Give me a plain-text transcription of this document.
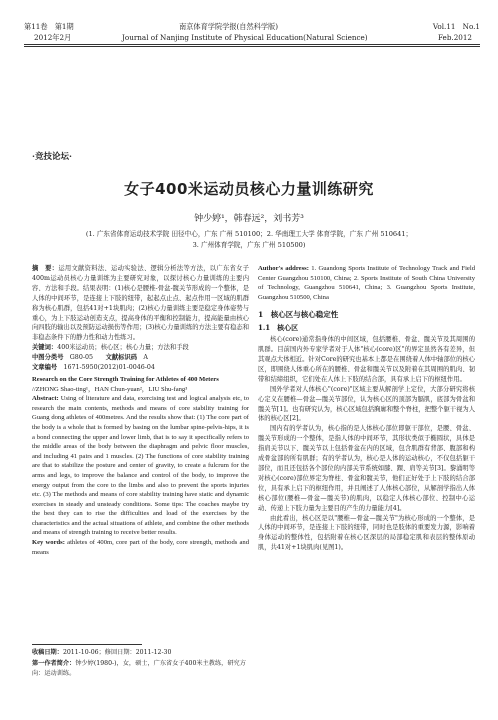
第11卷　第1期	南京体育学院学报(自然科学版)	Vol.11　No.1
2012年2月	Journal of Nanjing Institute of Physical Education(Natural Science)	Feb.2012
·竞技论坛·
女子400米运动员核心力量训练研究
钟少婷¹，韩春远²，刘书芳³
(1. 广东省体育运动技术学院 田径中心，广东 广州 510100；2. 华南理工大学 体育学院，广东 广州 510641；
3. 广州体育学院，广东 广州 510500)

摘　要：运用文献资料法、运动实验法、逻辑分析法等方法，以广东省女子400m运动员核心力量训练为主要研究对象，以探讨核心力量训练的主要内容、方法和手段。结果表明：(1)核心是腰椎-骨盆-髋关节形成的一个整体，是人体的中间环节，是连接上下肢的纽带，起起点止点、起点作用一区域的肌群称为核心肌群，包括41对+1块肌肉；(2)核心力量训练主要是稳定身体姿势与重心，为上下肢运动创造支点，提高身体的平衡和控制能力，提高能量由核心向四肢的输出以及预防运动损伤等作用；(3)核心力量训练的方法主要有稳态和非稳态条件下的静力性和动力性练习。

关键词：400米运动员；核心区；核心力量；方法和手段

中图分类号　 G80-05　　 文献标识码　 A

文章编号　 1671-5950(2012)01-0046-04

Research on the Core Strength Training for Athletes of 400 Meters

//ZHONG Shao-ting¹，HAN Chun-yuan²，LIU Shu-fang³

Abstract: Using of literature and data, exercising test and logical analysis etc, to research the main contents, methods and means of core stability training for Guang dong athletes of 400metres. And the results show that: (1) The core part of the body is a whole that is formed by basing on the lumbar spine-pelvis-hips, it is a bond connecting the upper and lower limb, that is to say it specifically refers to the middle areas of the body between the diaphragm and pelvic floor muscles, and including 41 pairs and 1 muscles. (2) The functions of core stability training are that to stabilize the posture and center of gravity, to create a fulcrum for the arms and legs, to improve the balance and control of the body, to improve the energy output from the core to the limbs and also to prevent the sports injuries etc. (3) The methods and means of core stability training have static and dynamic exercises in steady and unsteady conditions. Some tips: The coaches maybe try the best they can to rise the difficulties and load of the exercises by the characteristics and the actual situations of athlete, and combine the other methods and means of strength training to receive better results.

Key words: athletes of 400m, core part of the body, core strength, methods and means

收稿日期：2011-10-06；修回日期：2011-12-30
第一作者简介：钟少婷(1980-)，女，硕士，广东省女子400米主教练，研究方向：运动训练。

Author's address: 1. Guandong Sports Institute of Technology Track and Field Center Guangzhou 510100, China; 2. Sports Institute of South China University of Technology, Guangzhou 510641, China; 3. Guangzhou Sports Institute, Guangzhou 510500, China

1　核心区与核心稳定性
1.1　核心区

核心(core)通常指身体的中间区域，包括腰椎、骨盆、髋关节及其周围的肌群。目前国内外专家学者对于人体"核心(core)区"的界定虽然各有差异，但其观点大体相近。针对Core的研究也基本上都是在围绕着人体中轴部位的核心区，即围绕人体重心所在的腰椎、骨盆和髋关节以及附着在其周围的肌肉、韧带和结缔组织，它们处在人体上下肢的结合部，具有承上启下的枢纽作用。

国外学者对人体核心"(core)"区域主要从解剖学上定位，大部分研究将核心定义在腰椎—骨盆—髋关节部位，认为核心区的顶部为膈肌，底部为骨盆和髋关节[1]。也有研究认为，核心区域包括胸廓和整个脊柱，把整个躯干视为人体的核心区[2]。

国内有的学者认为，核心指的是人体核心部位即躯干部位，是腰、骨盆、髋关节形成的一个整体，是指人体的中间环节，其形状类似于椭圆状，具体是指肩关节以下、髋关节以上包括骨盆在内的区域，包含肌群有背部、腹部和构成骨盆部的所有肌群；有的学者认为，核心是人体的运动核心，不仅包括躯干部位，而且还包括各个部位的内部关节系统如膝、踝、肩等关节[3]。黎涌明等对核心(core)部位界定为脊柱、骨盆和髋关节，他们正好处于上下肢的结合部位，具有承上启下的枢纽作用，并且阐述了人体核心部位，从解剖学指出人体核心部位(腰椎—骨盆—髋关节)的肌肉，以稳定人体核心部位、控制中心运动、传递上下肢力量为主要目的产生的力量能力[4]。

由此看出，核心区是以"腰椎—骨盆—髋关节"为核心形成的一个整体，是人体的中间环节，是连接上下肢的纽带，同时也是肢体的重要发力源，影响着身体运动的整体性，包括附着在核心区深层的局部稳定肌和表层的整体原动肌，共41对+1块肌肉(见图1)。
